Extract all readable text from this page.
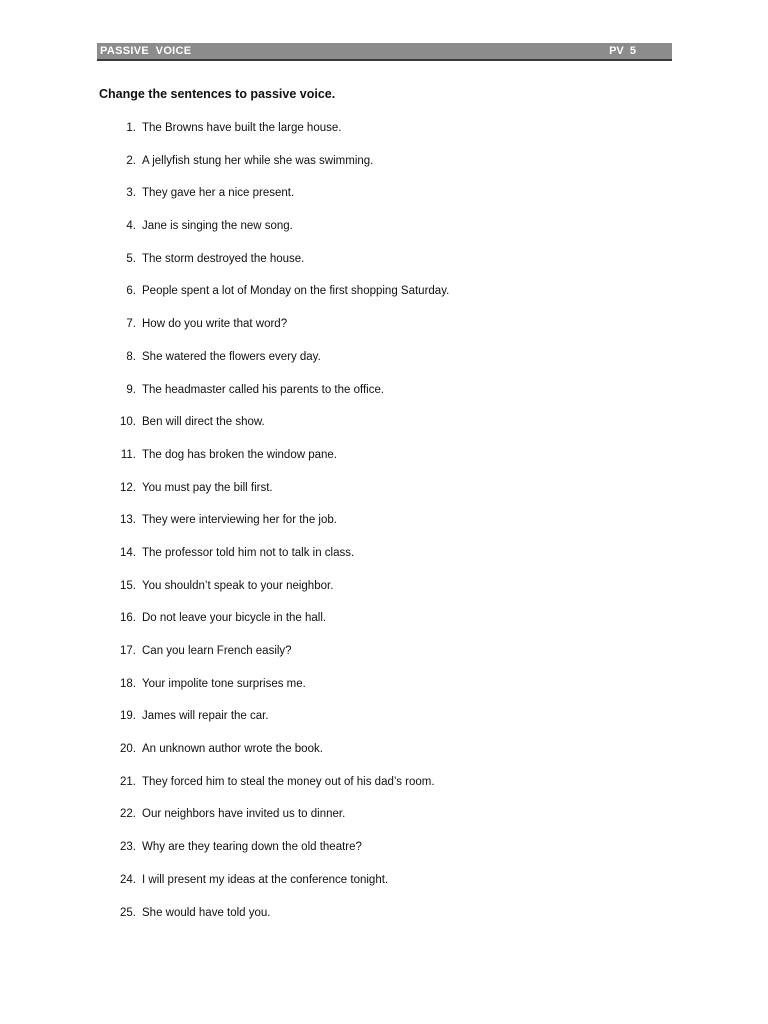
PASSIVE  VOICE	PV  5

Change the sentences to passive voice.

1. The Browns have built the large house.
2. A jellyfish stung her while she was swimming.
3. They gave her a nice present.
4. Jane is singing the new song.
5. The storm destroyed the house.
6. People spent a lot of Monday on the first shopping Saturday.
7. How do you write that word?
8. She watered the flowers every day.
9. The headmaster called his parents to the office.
10. Ben will direct the show.
11. The dog has broken the window pane.
12. You must pay the bill first.
13. They were interviewing her for the job.
14. The professor told him not to talk in class.
15. You shouldn’t speak to your neighbor.
16. Do not leave your bicycle in the hall.
17. Can you learn French easily?
18. Your impolite tone surprises me.
19. James will repair the car.
20. An unknown author wrote the book.
21. They forced him to steal the money out of his dad’s room.
22. Our neighbors have invited us to dinner.
23. Why are they tearing down the old theatre?
24. I will present my ideas at the conference tonight.
25. She would have told you.
